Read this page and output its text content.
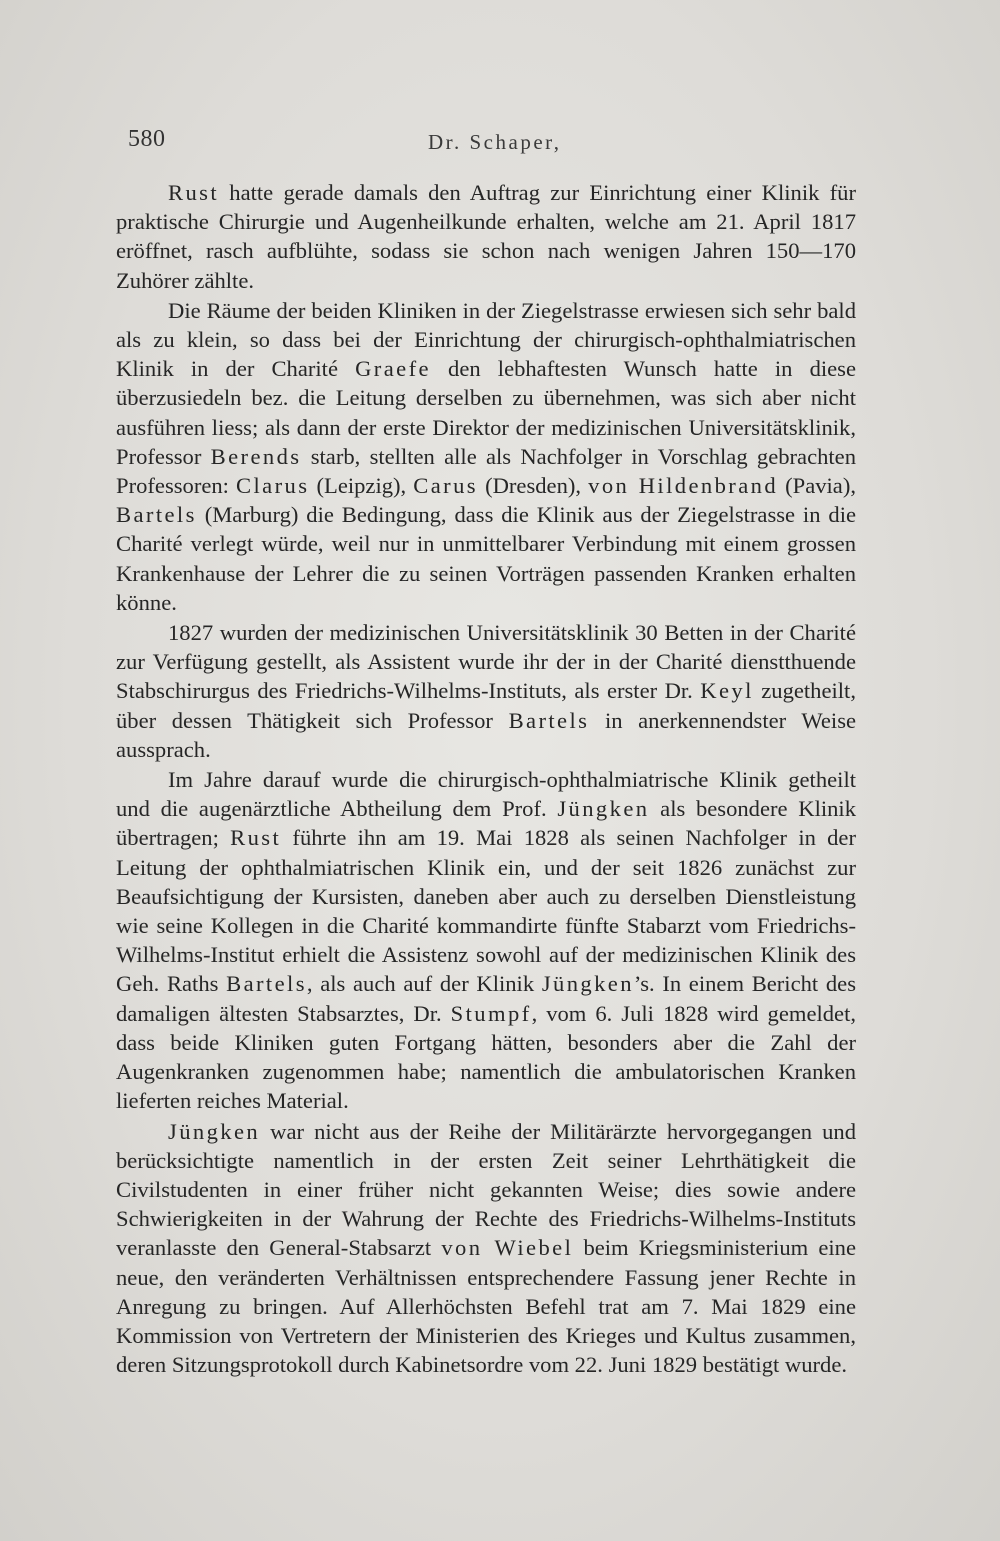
580	Dr. Schaper,

Rust hatte gerade damals den Auftrag zur Einrichtung einer Klinik für praktische Chirurgie und Augenheilkunde erhalten, welche am 21. April 1817 eröffnet, rasch aufblühte, sodass sie schon nach wenigen Jahren 150—170 Zuhörer zählte.

Die Räume der beiden Kliniken in der Ziegelstrasse erwiesen sich sehr bald als zu klein, so dass bei der Einrichtung der chirurgisch-ophthalmiatrischen Klinik in der Charité Graefe den lebhaftesten Wunsch hatte in diese überzusiedeln bez. die Leitung derselben zu übernehmen, was sich aber nicht ausführen liess; als dann der erste Direktor der medizinischen Universitätsklinik, Professor Berends starb, stellten alle als Nachfolger in Vorschlag gebrachten Professoren: Clarus (Leipzig), Carus (Dresden), von Hildenbrand (Pavia), Bartels (Marburg) die Bedingung, dass die Klinik aus der Ziegelstrasse in die Charité verlegt würde, weil nur in unmittelbarer Verbindung mit einem grossen Krankenhause der Lehrer die zu seinen Vorträgen passenden Kranken erhalten könne.

1827 wurden der medizinischen Universitätsklinik 30 Betten in der Charité zur Verfügung gestellt, als Assistent wurde ihr der in der Charité dienstthuende Stabschirurgus des Friedrichs-Wilhelms-Instituts, als erster Dr. Keyl zugetheilt, über dessen Thätigkeit sich Professor Bartels in anerkennendster Weise aussprach.

Im Jahre darauf wurde die chirurgisch-ophthalmiatrische Klinik getheilt und die augenärztliche Abtheilung dem Prof. Jüngken als besondere Klinik übertragen; Rust führte ihn am 19. Mai 1828 als seinen Nachfolger in der Leitung der ophthalmiatrischen Klinik ein, und der seit 1826 zunächst zur Beaufsichtigung der Kursisten, daneben aber auch zu derselben Dienstleistung wie seine Kollegen in die Charité kommandirte fünfte Stabarzt vom Friedrichs-Wilhelms-Institut erhielt die Assistenz sowohl auf der medizinischen Klinik des Geh. Raths Bartels, als auch auf der Klinik Jüngken’s. In einem Bericht des damaligen ältesten Stabsarztes, Dr. Stumpf, vom 6. Juli 1828 wird gemeldet, dass beide Kliniken guten Fortgang hätten, besonders aber die Zahl der Augenkranken zugenommen habe; namentlich die ambulatorischen Kranken lieferten reiches Material.

Jüngken war nicht aus der Reihe der Militärärzte hervorgegangen und berücksichtigte namentlich in der ersten Zeit seiner Lehrthätigkeit die Civilstudenten in einer früher nicht gekannten Weise; dies sowie andere Schwierigkeiten in der Wahrung der Rechte des Friedrichs-Wilhelms-Instituts veranlasste den General-Stabsarzt von Wiebel beim Kriegsministerium eine neue, den veränderten Verhältnissen entsprechendere Fassung jener Rechte in Anregung zu bringen. Auf Allerhöchsten Befehl trat am 7. Mai 1829 eine Kommission von Vertretern der Ministerien des Krieges und Kultus zusammen, deren Sitzungsprotokoll durch Kabinetsordre vom 22. Juni 1829 bestätigt wurde.
